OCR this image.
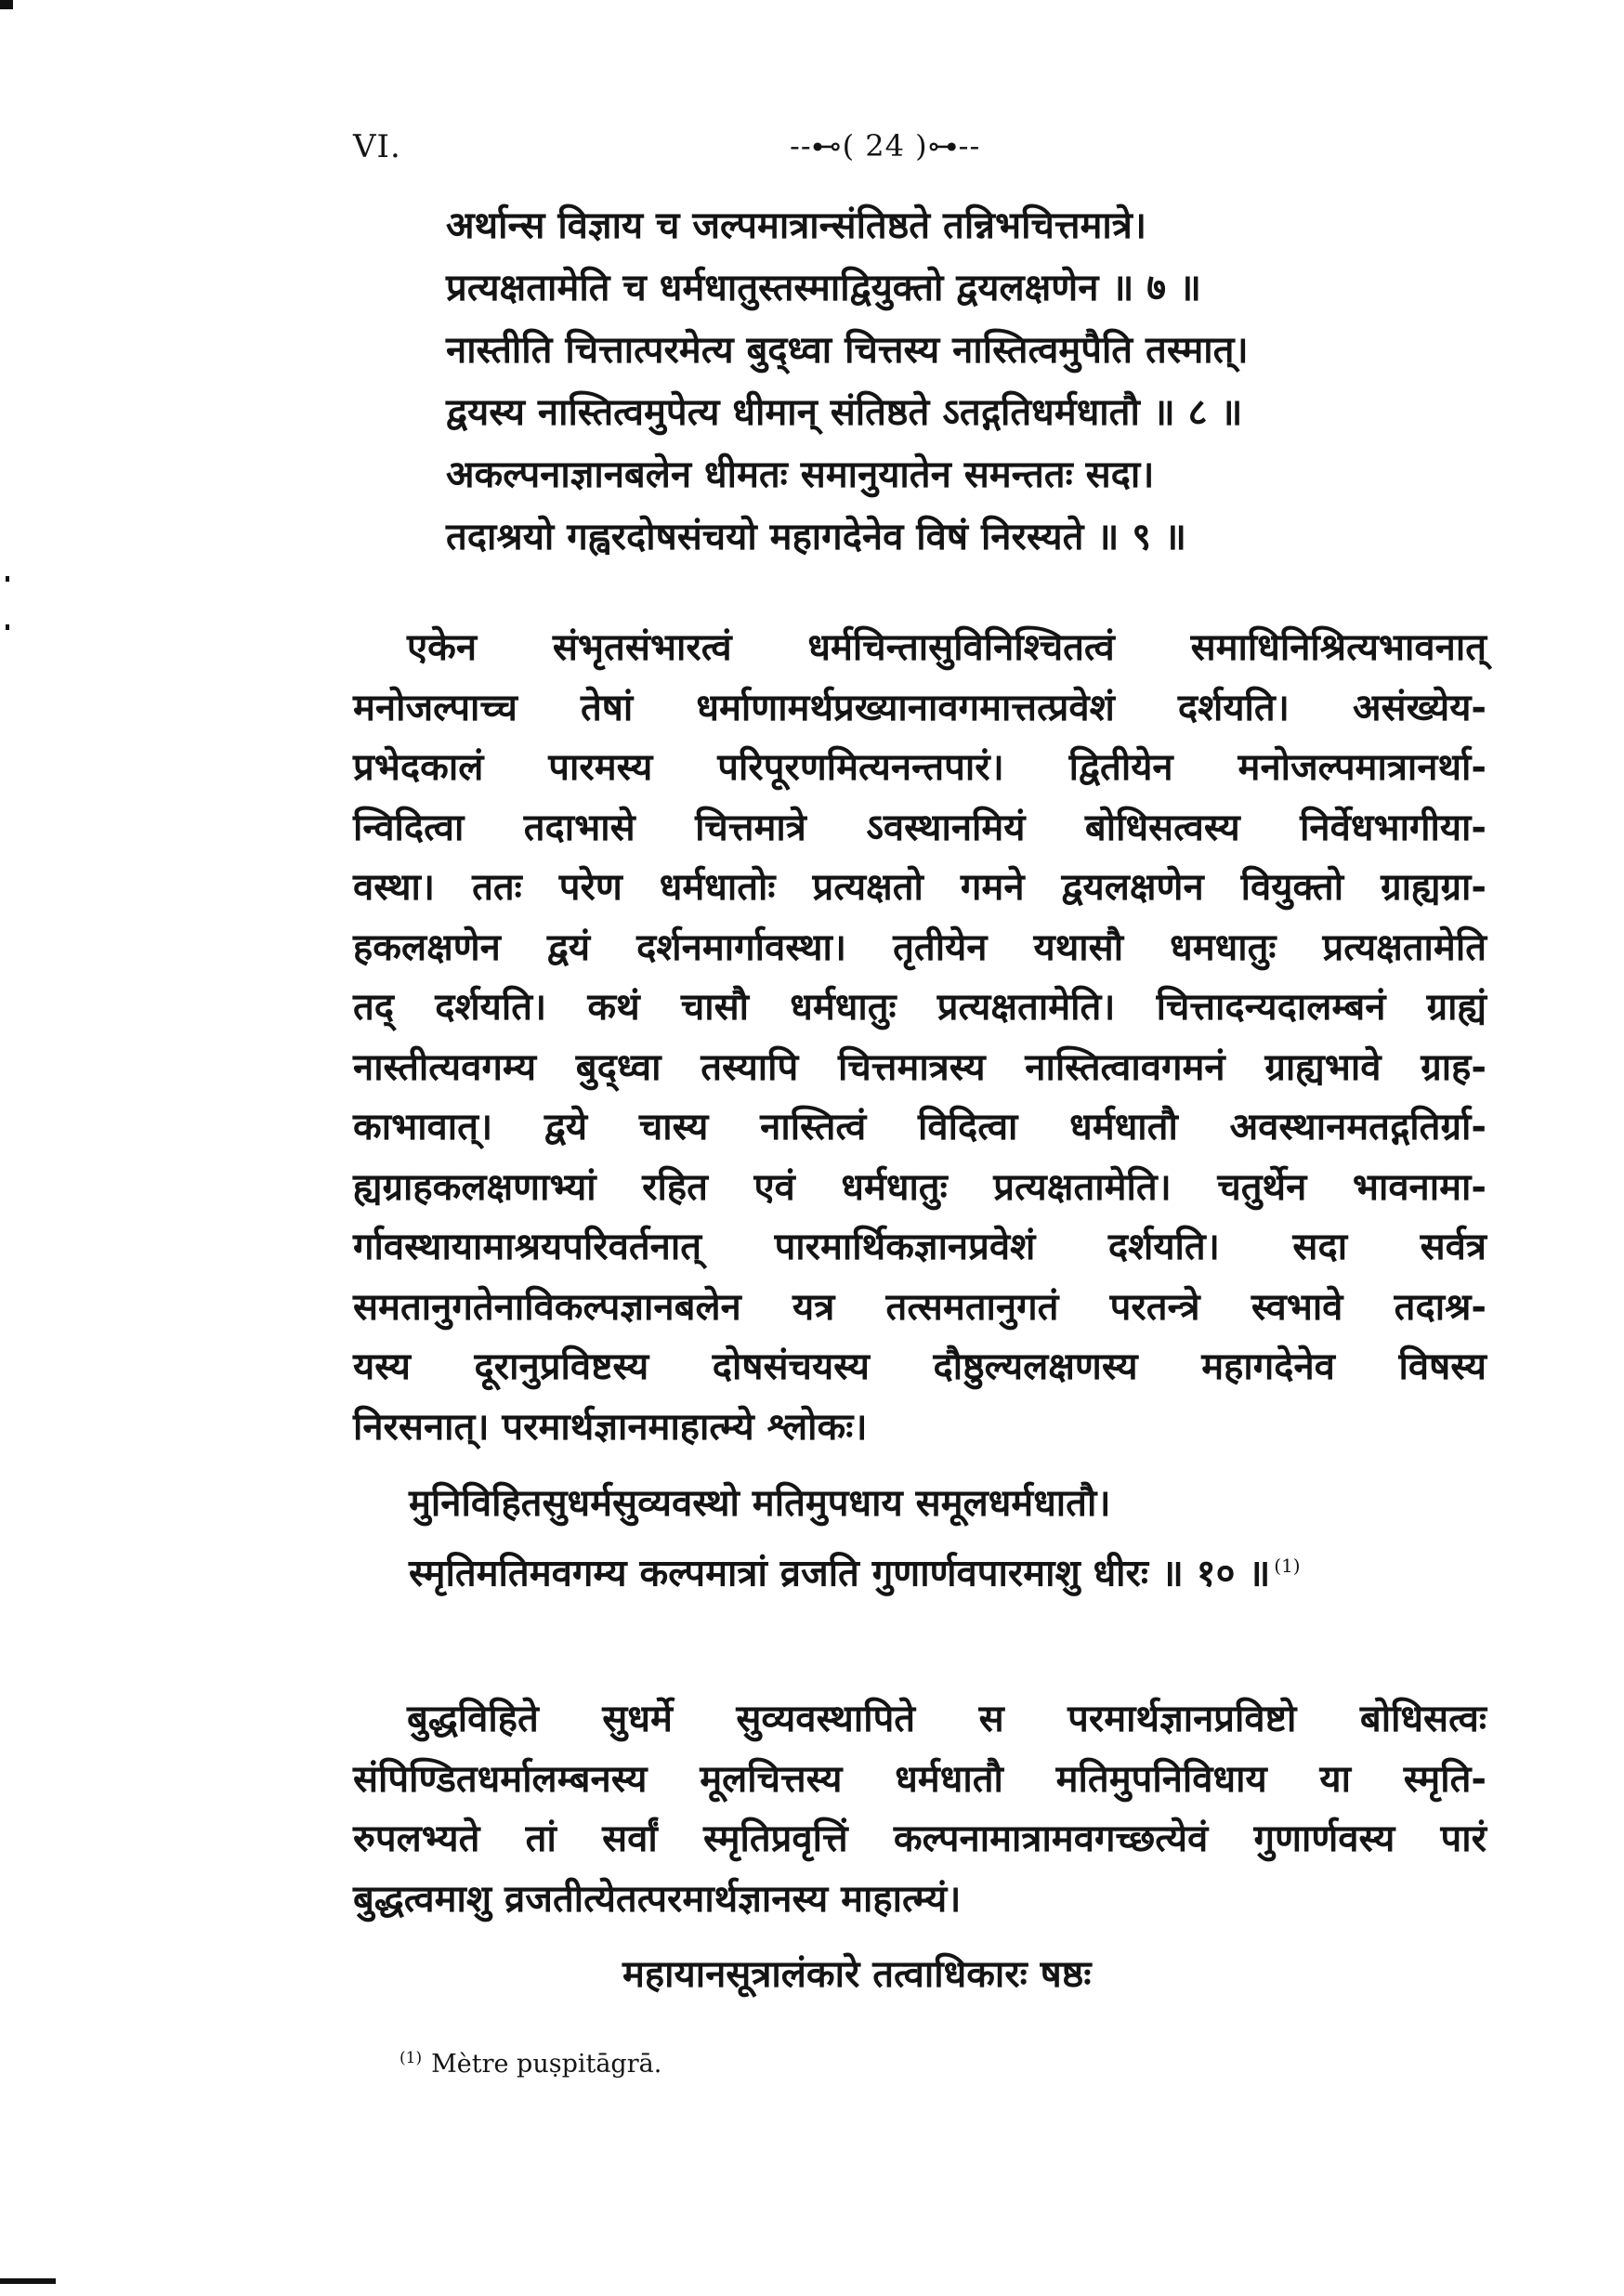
VI.	--⊷( 24 )⊶--
अर्थान्स विज्ञाय च जल्पमात्रान्संतिष्ठते तन्निभचित्तमात्रे।
प्रत्यक्षतामेति च धर्मधातुस्तस्माद्वियुक्तो द्वयलक्षणेन ॥ ७ ॥
नास्तीति चित्तात्परमेत्य बुद्ध्वा चित्तस्य नास्तित्वमुपैति तस्मात्।
द्वयस्य नास्तित्वमुपेत्य धीमान् संतिष्ठते ऽतद्गतिधर्मधातौ ॥ ८ ॥
अकल्पनाज्ञानबलेन धीमतः समानुयातेन समन्ततः सदा।
तदाश्रयो गह्वरदोषसंचयो महागदेनेव विषं निरस्यते ॥ ९ ॥
एकेन संभृतसंभारत्वं धर्मचिन्तासुविनिश्चितत्वं समाधिनिश्रित्यभावनात्
मनोजल्पाच्च तेषां धर्माणामर्थप्रख्यानावगमात्तत्प्रवेशं दर्शयति। असंख्येय-
प्रभेदकालं पारमस्य परिपूरणमित्यनन्तपारं। द्वितीयेन मनोजल्पमात्रानर्था-
न्विदित्वा तदाभासे चित्तमात्रे ऽवस्थानमियं बोधिसत्वस्य निर्वेधभागीया-
वस्था। ततः परेण धर्मधातोः प्रत्यक्षतो गमने द्वयलक्षणेन वियुक्तो ग्राह्यग्रा-
हकलक्षणेन द्वयं दर्शनमार्गावस्था। तृतीयेन यथासौ धमधातुः प्रत्यक्षतामेति
तद् दर्शयति। कथं चासौ धर्मधातुः प्रत्यक्षतामेति। चित्तादन्यदालम्बनं ग्राह्यं
नास्तीत्यवगम्य बुद्ध्वा तस्यापि चित्तमात्रस्य नास्तित्वावगमनं ग्राह्यभावे ग्राह-
काभावात्। द्वये चास्य नास्तित्वं विदित्वा धर्मधातौ अवस्थानमतद्गतिर्ग्रा-
ह्यग्राहकलक्षणाभ्यां रहित एवं धर्मधातुः प्रत्यक्षतामेति। चतुर्थेन भावनामा-
र्गावस्थायामाश्रयपरिवर्तनात् पारमार्थिकज्ञानप्रवेशं दर्शयति। सदा सर्वत्र
समतानुगतेनाविकल्पज्ञानबलेन यत्र तत्समतानुगतं परतन्त्रे स्वभावे तदाश्र-
यस्य दूरानुप्रविष्टस्य दोषसंचयस्य दौष्ठुल्यलक्षणस्य महागदेनेव विषस्य
निरसनात्। परमार्थज्ञानमाहात्म्ये श्लोकः।
मुनिविहितसुधर्मसुव्यवस्थो मतिमुपधाय समूलधर्मधातौ।
स्मृतिमतिमवगम्य कल्पमात्रां व्रजति गुणार्णवपारमाशु धीरः ॥ १० ॥ $^{(1)}$
बुद्धविहिते सुधर्मे सुव्यवस्थापिते स परमार्थज्ञानप्रविष्टो बोधिसत्वः
संपिण्डितधर्मालम्बनस्य मूलचित्तस्य धर्मधातौ मतिमुपनिविधाय या स्मृति-
रुपलभ्यते तां सर्वां स्मृतिप्रवृत्तिं कल्पनामात्रामवगच्छत्येवं गुणार्णवस्य पारं
बुद्धत्वमाशु व्रजतीत्येतत्परमार्थज्ञानस्य माहात्म्यं।
महायानसूत्रालंकारे तत्वाधिकारः षष्ठः
$^{(1)}$ Mètre puṣpitāgrā.
